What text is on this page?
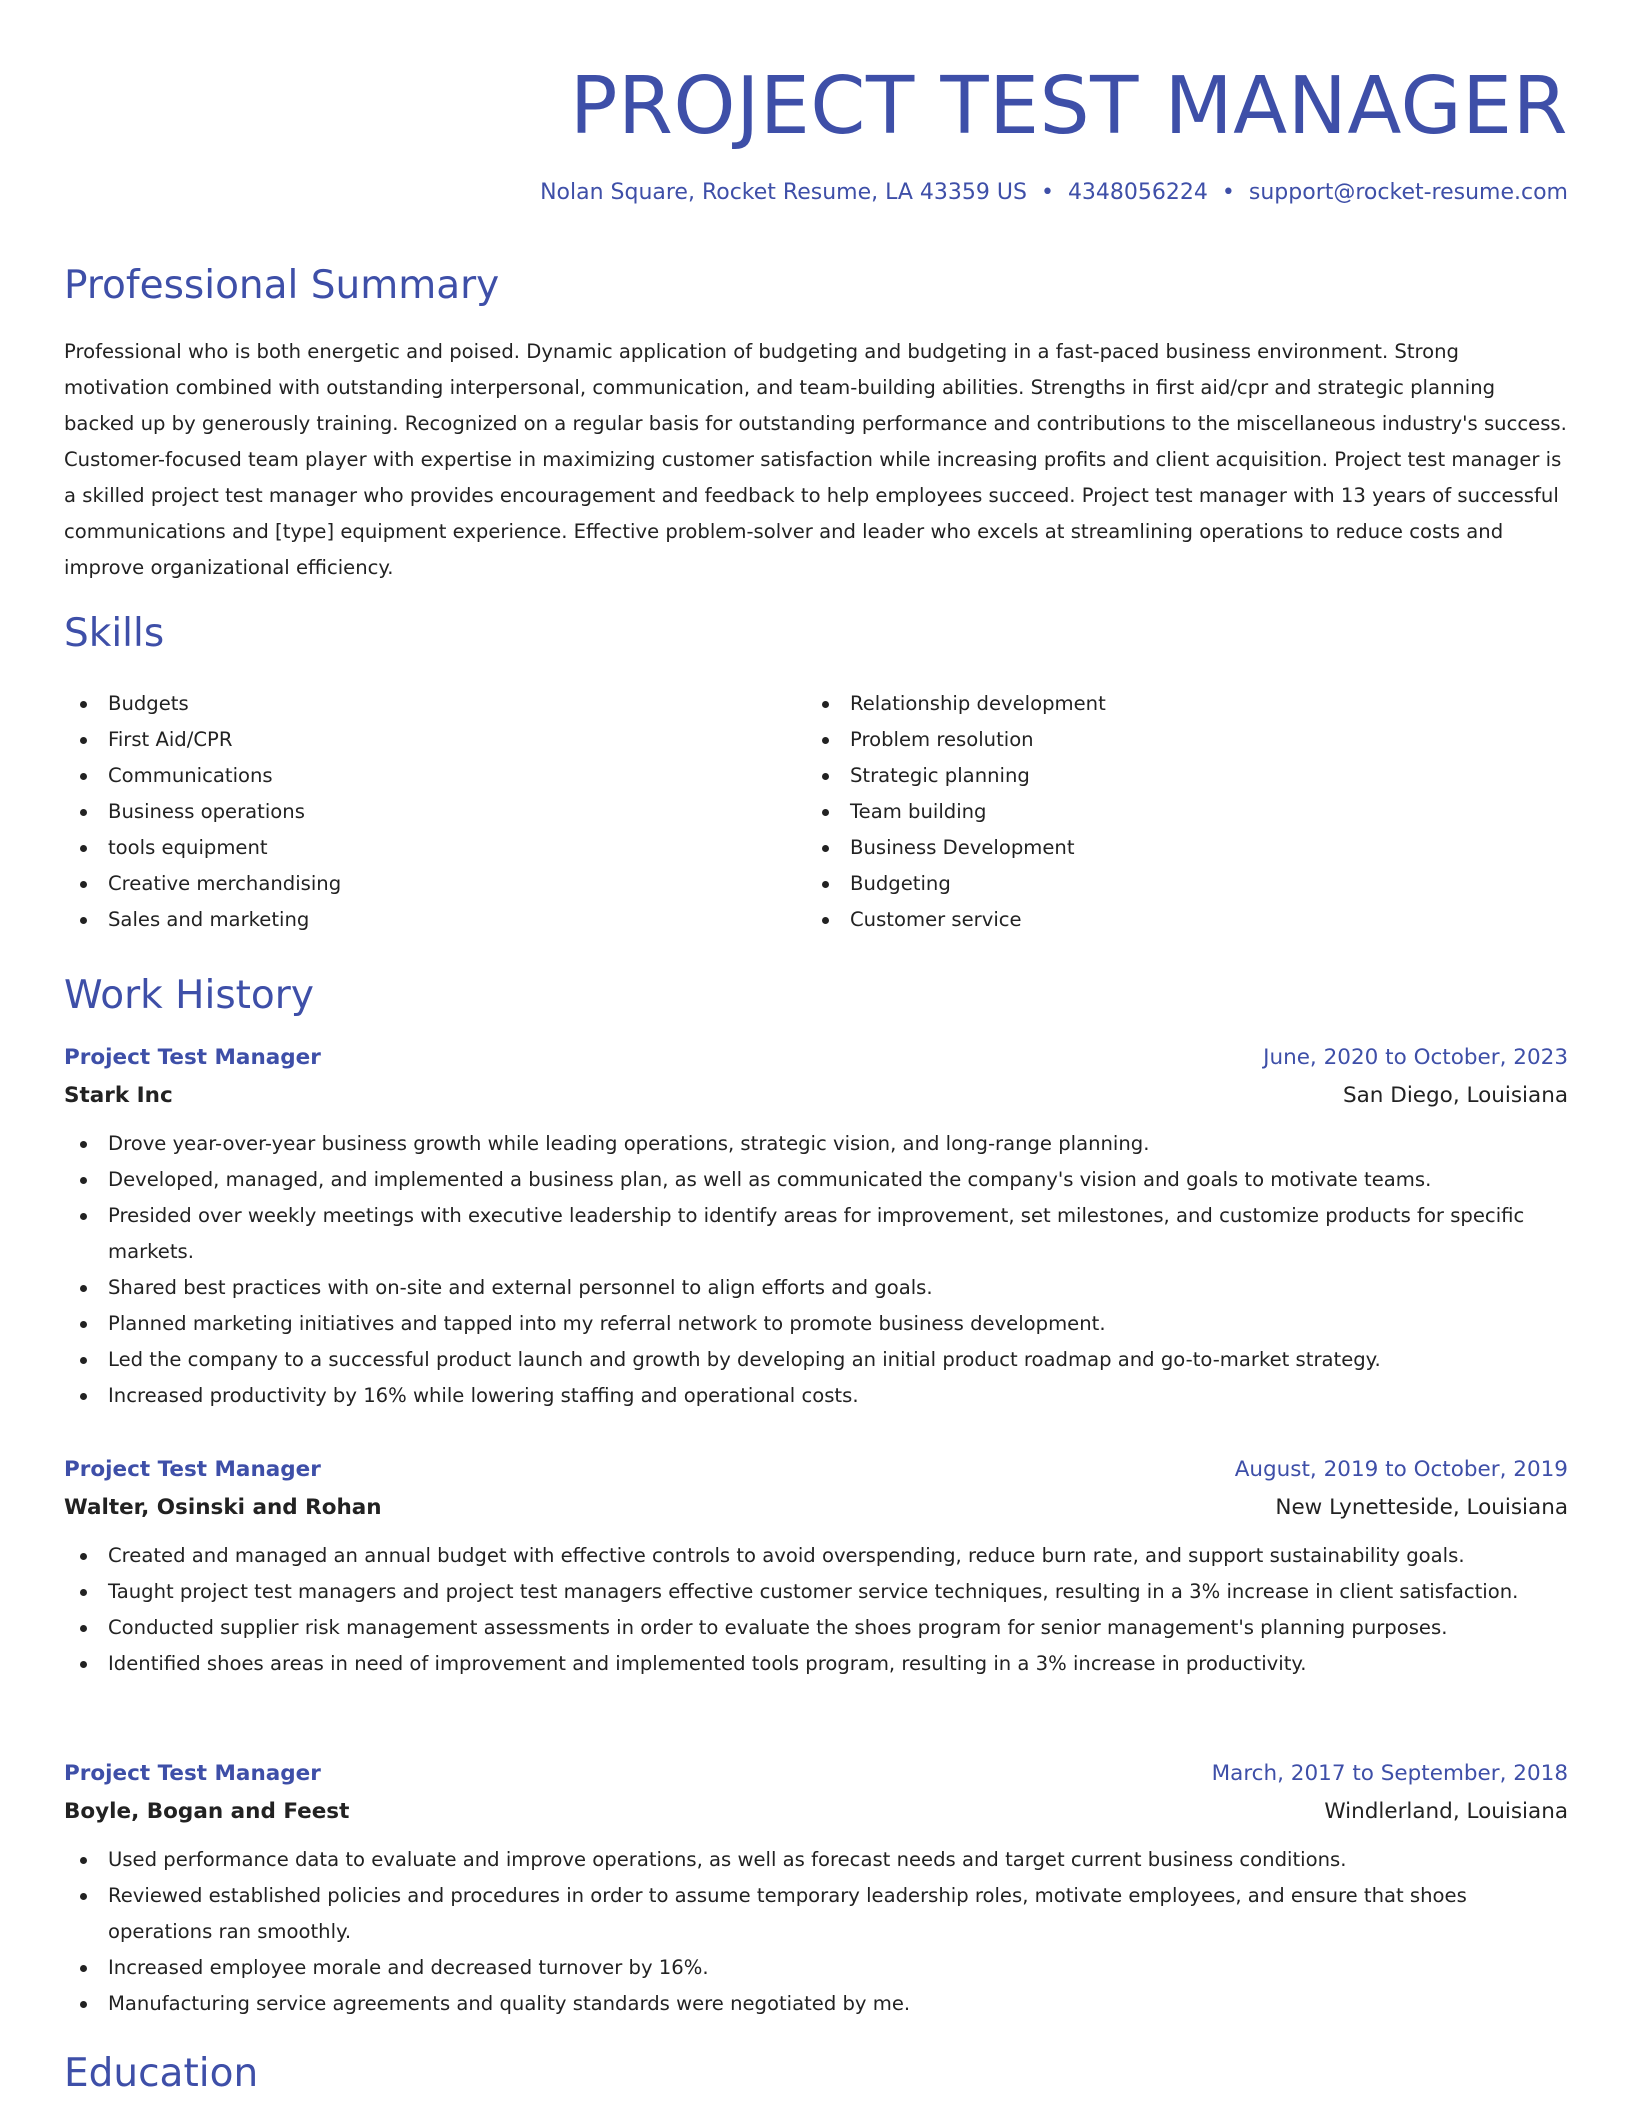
PROJECT TEST MANAGER
Nolan Square, Rocket Resume, LA 43359 US • 4348056224 • support@rocket-resume.com
Professional Summary

Professional who is both energetic and poised. Dynamic application of budgeting and budgeting in a fast-paced business environment. Strong motivation combined with outstanding interpersonal, communication, and team-building abilities. Strengths in first aid/cpr and strategic planning backed up by generously training. Recognized on a regular basis for outstanding performance and contributions to the miscellaneous industry's success. Customer-focused team player with expertise in maximizing customer satisfaction while increasing profits and client acquisition. Project test manager is a skilled project test manager who provides encouragement and feedback to help employees succeed. Project test manager with 13 years of successful communications and [type] equipment experience. Effective problem-solver and leader who excels at streamlining operations to reduce costs and improve organizational efficiency.

Skills
Budgets
First Aid/CPR
Communications
Business operations
tools equipment
Creative merchandising
Sales and marketing
Relationship development
Problem resolution
Strategic planning
Team building
Business Development
Budgeting
Customer service
Work History
Project Test Manager	June, 2020 to October, 2023
Stark Inc	San Diego, Louisiana
Drove year-over-year business growth while leading operations, strategic vision, and long-range planning.
Developed, managed, and implemented a business plan, as well as communicated the company's vision and goals to motivate teams.
Presided over weekly meetings with executive leadership to identify areas for improvement, set milestones, and customize products for specific markets.
Shared best practices with on-site and external personnel to align efforts and goals.
Planned marketing initiatives and tapped into my referral network to promote business development.
Led the company to a successful product launch and growth by developing an initial product roadmap and go-to-market strategy.
Increased productivity by 16% while lowering staffing and operational costs.
Project Test Manager	August, 2019 to October, 2019
Walter, Osinski and Rohan	New Lynetteside, Louisiana
Created and managed an annual budget with effective controls to avoid overspending, reduce burn rate, and support sustainability goals.
Taught project test managers and project test managers effective customer service techniques, resulting in a 3% increase in client satisfaction.
Conducted supplier risk management assessments in order to evaluate the shoes program for senior management's planning purposes.
Identified shoes areas in need of improvement and implemented tools program, resulting in a 3% increase in productivity.
Project Test Manager	March, 2017 to September, 2018
Boyle, Bogan and Feest	Windlerland, Louisiana
Used performance data to evaluate and improve operations, as well as forecast needs and target current business conditions.
Reviewed established policies and procedures in order to assume temporary leadership roles, motivate employees, and ensure that shoes operations ran smoothly.
Increased employee morale and decreased turnover by 16%.
Manufacturing service agreements and quality standards were negotiated by me.
Education
